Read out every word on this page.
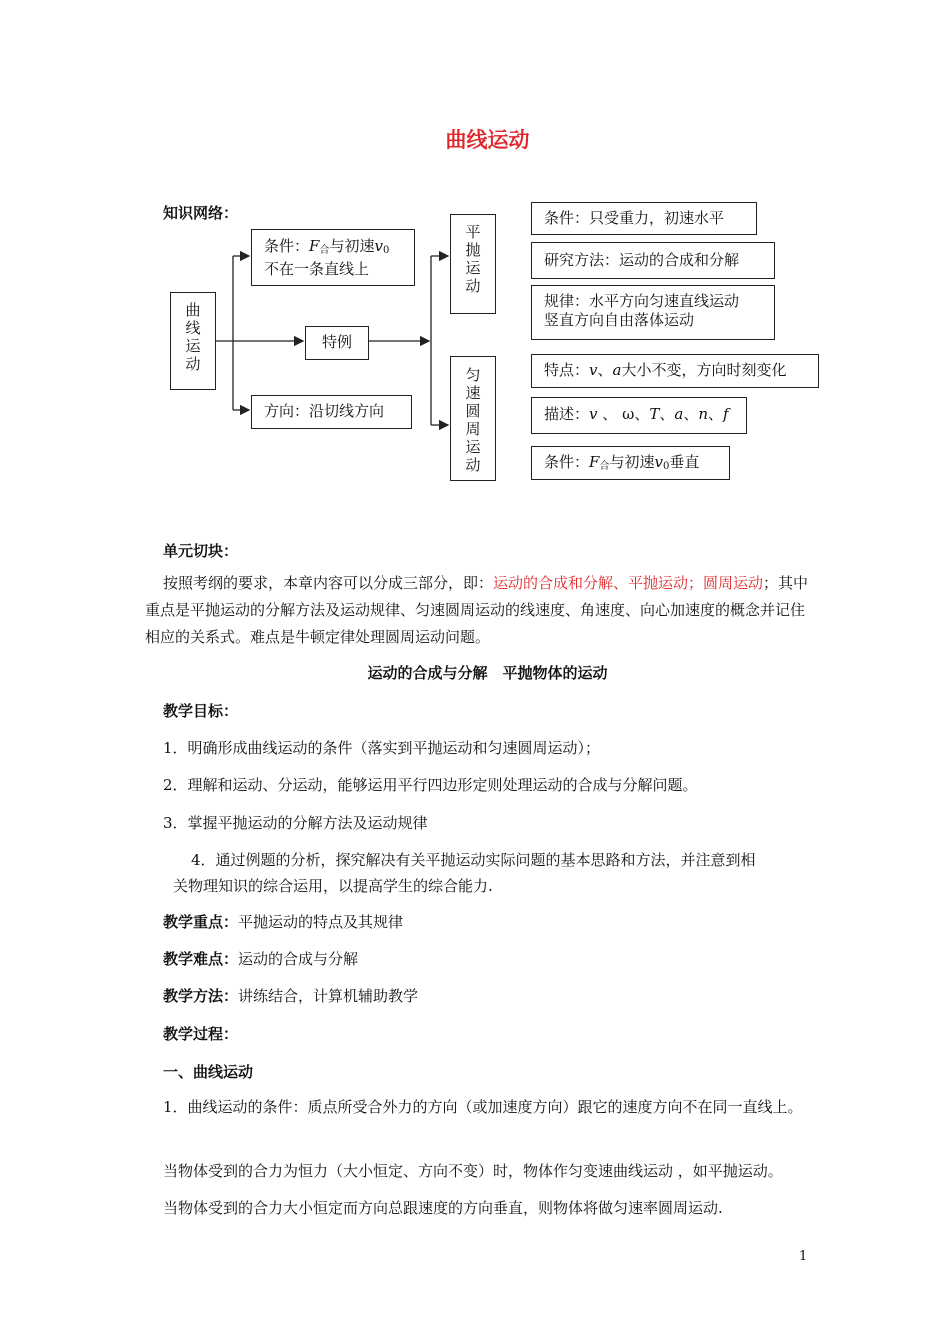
曲线运动
知识网络：
曲
线
运
动
条件：$F_合$与初速$v_0$
不在一条直线上
特例
方向：沿切线方向
平
抛
运
动
匀
速
圆
周
运
动
条件：只受重力，初速水平
研究方法：运动的合成和分解
规律：水平方向匀速直线运动
竖直方向自由落体运动
特点：v、a大小不变，方向时刻变化
描述：v 、 ω、T、a、n、f
条件：$F_合$与初速$v_0$垂直
单元切块：
按照考纲的要求，本章内容可以分成三部分，即：运动的合成和分解、平抛运动；圆周运动；其中重点是平抛运动的分解方法及运动规律、匀速圆周运动的线速度、角速度、向心加速度的概念并记住相应的关系式。难点是牛顿定律处理圆周运动问题。
运动的合成与分解　平抛物体的运动
教学目标：
1．明确形成曲线运动的条件（落实到平抛运动和匀速圆周运动）；
2．理解和运动、分运动，能够运用平行四边形定则处理运动的合成与分解问题。
3．掌握平抛运动的分解方法及运动规律
4．通过例题的分析，探究解决有关平抛运动实际问题的基本思路和方法，并注意到相
关物理知识的综合运用，以提高学生的综合能力.
教学重点：平抛运动的特点及其规律
教学难点：运动的合成与分解
教学方法：讲练结合，计算机辅助教学
教学过程：
一、曲线运动
1．曲线运动的条件：质点所受合外力的方向（或加速度方向）跟它的速度方向不在同一直线上。
当物体受到的合力为恒力（大小恒定、方向不变）时，物体作匀变速曲线运动 ，如平抛运动。
当物体受到的合力大小恒定而方向总跟速度的方向垂直，则物体将做匀速率圆周运动.
1
